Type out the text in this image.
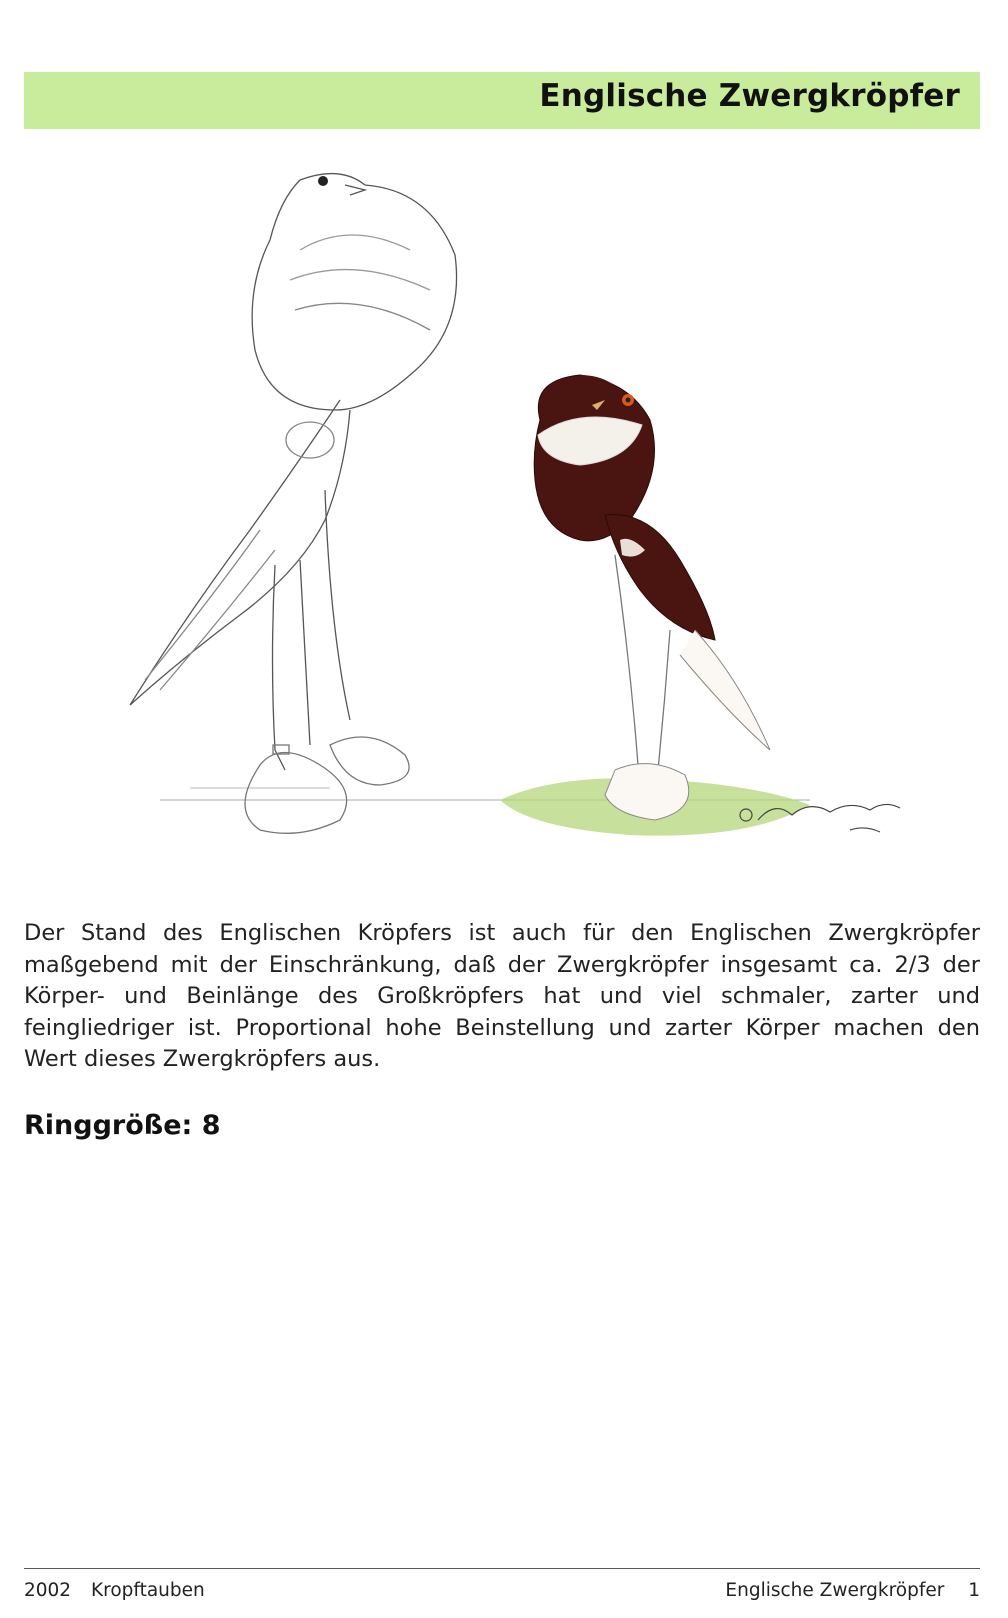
Englische Zwergkröpfer
Der Stand des Englischen Kröpfers ist auch für den Englischen Zwergkröpfer maßgebend mit der Einschränkung, daß der Zwergkröpfer insgesamt ca. 2/3 der Körper- und Beinlänge des Großkröpfers hat und viel schmaler, zarter und feingliedriger ist. Proportional hohe Beinstellung und zarter Körper machen den Wert dieses Zwergkröpfers aus.
Ringgröße: 8
2002 Kropftauben	Englische Zwergkröpfer 1
